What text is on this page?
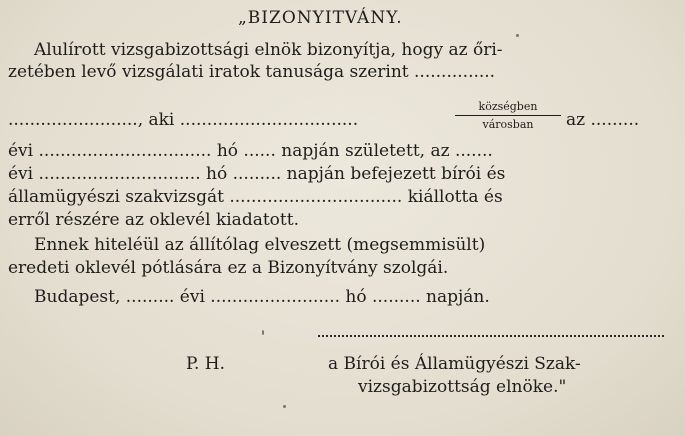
„BIZONYITVÁNY.
Alulírott vizsgabizottsági elnök bizonyítja, hogy az őri-
zetében levő vizsgálati iratok tanusága szerint ...............
........................, aki .................................
községben
városban	az .........
évi ................................ hó ...... napján született, az .......
évi .............................. hó ......... napján befejezett bírói és
államügyészi szakvizsgát ................................ kiállotta és
erről részére az oklevél kiadatott.
Ennek hiteléül az állítólag elveszett (megsemmisült)
eredeti oklevél pótlására ez a Bizonyítvány szolgái.
Budapest, ......... évi ........................ hó ......... napján.
P. H.	a Bírói és Államügyészi Szak-
vizsgabizottság elnöke."
